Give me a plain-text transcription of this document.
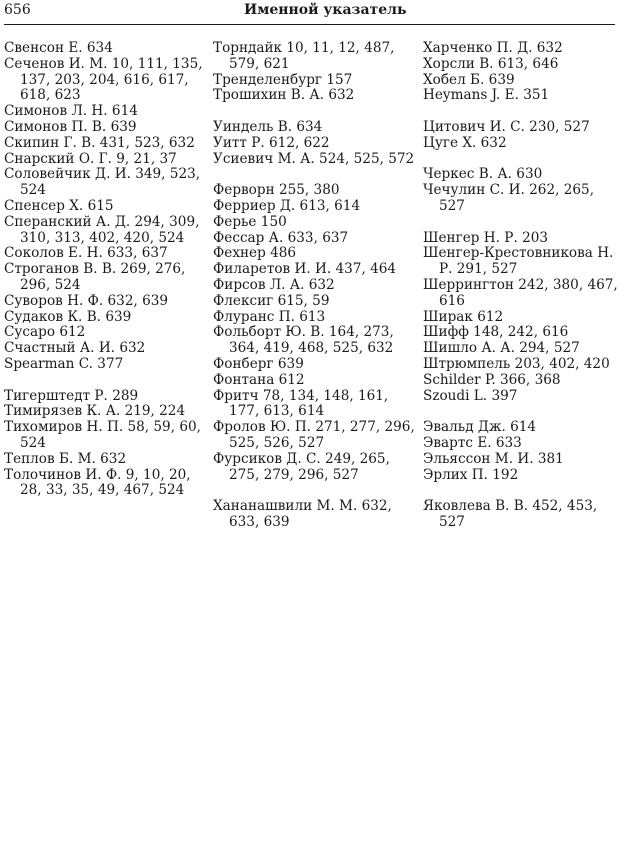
656	Именной указатель

Свенсон Е. 634

Сеченов И. М. 10, 111, 135, 137, 203, 204, 616, 617, 618, 623

Симонов Л. Н. 614

Симонов П. В. 639

Скипин Г. В. 431, 523, 632

Снарский О. Г. 9, 21, 37

Соловейчик Д. И. 349, 523, 524

Спенсер Х. 615

Сперанский А. Д. 294, 309, 310, 313, 402, 420, 524

Соколов Е. Н. 633, 637

Строганов В. В. 269, 276, 296, 524

Суворов Н. Ф. 632, 639

Судаков К. В. 639

Сусаро 612

Счастный А. И. 632

Spearman C. 377

Тигерштедт Р. 289

Тимирязев К. А. 219, 224

Тихомиров Н. П. 58, 59, 60, 524

Теплов Б. М. 632

Толочинов И. Ф. 9, 10, 20, 28, 33, 35, 49, 467, 524

Торндайк 10, 11, 12, 487, 579, 621

Тренделенбург 157

Трошихин В. А. 632

Уиндель В. 634

Уитт Р. 612, 622

Усиевич М. А. 524, 525, 572

Ферворн 255, 380

Ферриер Д. 613, 614

Ферье 150

Фессар А. 633, 637

Фехнер 486

Филаретов И. И. 437, 464

Фирсов Л. А. 632

Флексиг 615, 59

Флуранс П. 613

Фольборт Ю. В. 164, 273, 364, 419, 468, 525, 632

Фонберг 639

Фонтана 612

Фритч 78, 134, 148, 161, 177, 613, 614

Фролов Ю. П. 271, 277, 296, 525, 526, 527

Фурсиков Д. С. 249, 265, 275, 279, 296, 527

Хананашвили М. М. 632, 633, 639

Харченко П. Д. 632

Хорсли В. 613, 646

Хобел Б. 639

Heymans J. E. 351

Цитович И. С. 230, 527

Цуге Х. 632

Черкес В. А. 630

Чечулин С. И. 262, 265, 527

Шенгер Н. Р. 203

Шенгер-Крестовникова Н. Р. 291, 527

Шеррингтон 242, 380, 467, 616

Ширак 612

Шифф 148, 242, 616

Шишло А. А. 294, 527

Штрюмпель 203, 402, 420

Schilder P. 366, 368

Szoudi L. 397

Эвальд Дж. 614

Эвартс Е. 633

Эльяссон М. И. 381

Эрлих П. 192

Яковлева В. В. 452, 453, 527
